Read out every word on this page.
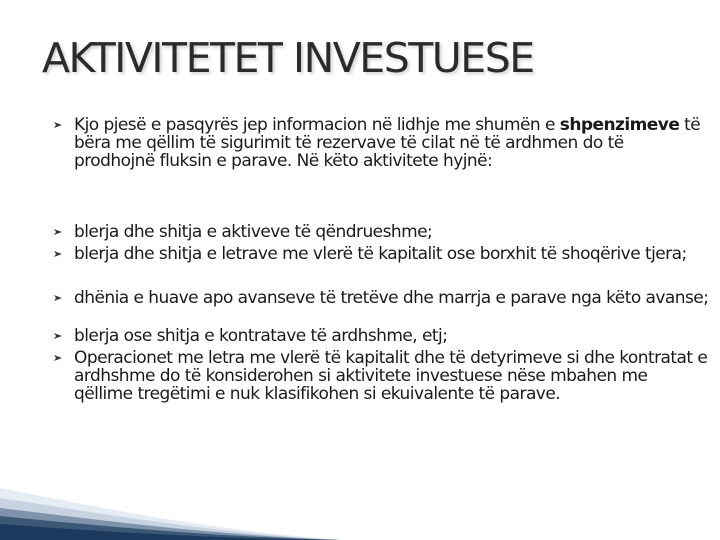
AKTIVITETET INVESTUESE

Kjo pjesë e pasqyrës jep informacion në lidhje me shumën e shpenzimeve të bëra me qëllim të sigurimit të rezervave të cilat në të ardhmen do të prodhojnë fluksin e parave. Në këto aktivitete hyjnë:

blerja dhe shitja e aktiveve të qëndrueshme;

blerja dhe shitja e letrave me vlerë të kapitalit ose borxhit të shoqërive tjera;

dhënia e huave apo avanseve të tretëve dhe marrja e parave nga këto avanse;

blerja ose shitja e kontratave të ardhshme, etj;

Operacionet me letra me vlerë të kapitalit dhe të detyrimeve si dhe kontratat e ardhshme do të konsiderohen si aktivitete investuese nëse mbahen me qëllime tregëtimi e nuk klasifikohen si ekuivalente të parave.
